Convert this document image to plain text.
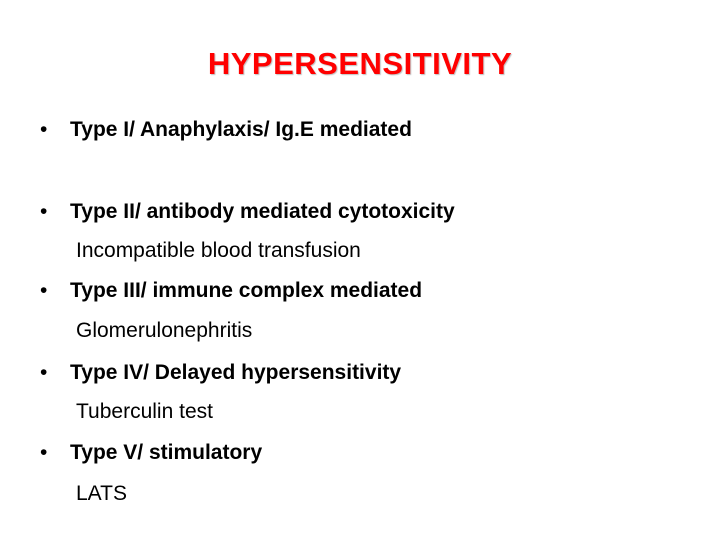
HYPERSENSITIVITY
• Type I/ Anaphylaxis/ Ig.E mediated
• Type II/ antibody mediated cytotoxicity
Incompatible blood transfusion
• Type III/ immune complex mediated
Glomerulonephritis
• Type IV/ Delayed hypersensitivity
Tuberculin test
• Type V/ stimulatory
LATS
